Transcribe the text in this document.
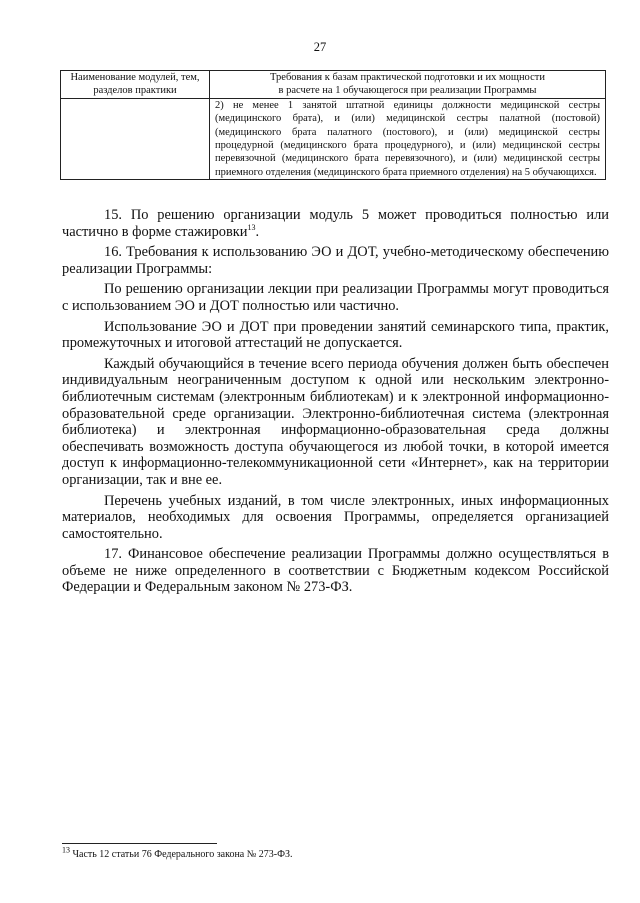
27
Наименование модулей, тем, разделов практики	Требования к базам практической подготовки и их мощности
в расчете на 1 обучающегося при реализации Программы

	2) не менее 1 занятой штатной единицы должности медицинской сестры (медицинского брата), и (или) медицинской сестры палатной (постовой) (медицинского брата палатного (постового), и (или) медицинской сестры процедурной (медицинского брата процедурного), и (или) медицинской сестры перевязочной (медицинского брата перевязочного), и (или) медицинской сестры приемного отделения (медицинского брата приемного отделения) на 5 обучающихся.

15. По решению организации модуль 5 может проводиться полностью или частично в форме стажировки$^{13}$.

16. Требования к использованию ЭО и ДОТ, учебно-методическому обеспечению реализации Программы:

По решению организации лекции при реализации Программы могут проводиться с использованием ЭО и ДОТ полностью или частично.

Использование ЭО и ДОТ при проведении занятий семинарского типа, практик, промежуточных и итоговой аттестаций не допускается.

Каждый обучающийся в течение всего периода обучения должен быть обеспечен индивидуальным неограниченным доступом к одной или нескольким электронно-библиотечным системам (электронным библиотекам) и к электронной информационно-образовательной среде организации. Электронно-библиотечная система (электронная библиотека) и электронная информационно-образовательная среда должны обеспечивать возможность доступа обучающегося из любой точки, в которой имеется доступ к информационно-телекоммуникационной сети «Интернет», как на территории организации, так и вне ее.

Перечень учебных изданий, в том числе электронных, иных информационных материалов, необходимых для освоения Программы, определяется организацией самостоятельно.

17. Финансовое обеспечение реализации Программы должно осуществляться в объеме не ниже определенного в соответствии с Бюджетным кодексом Российской Федерации и Федеральным законом № 273-ФЗ.

$^{13}$ Часть 12 статьи 76 Федерального закона № 273-ФЗ.
